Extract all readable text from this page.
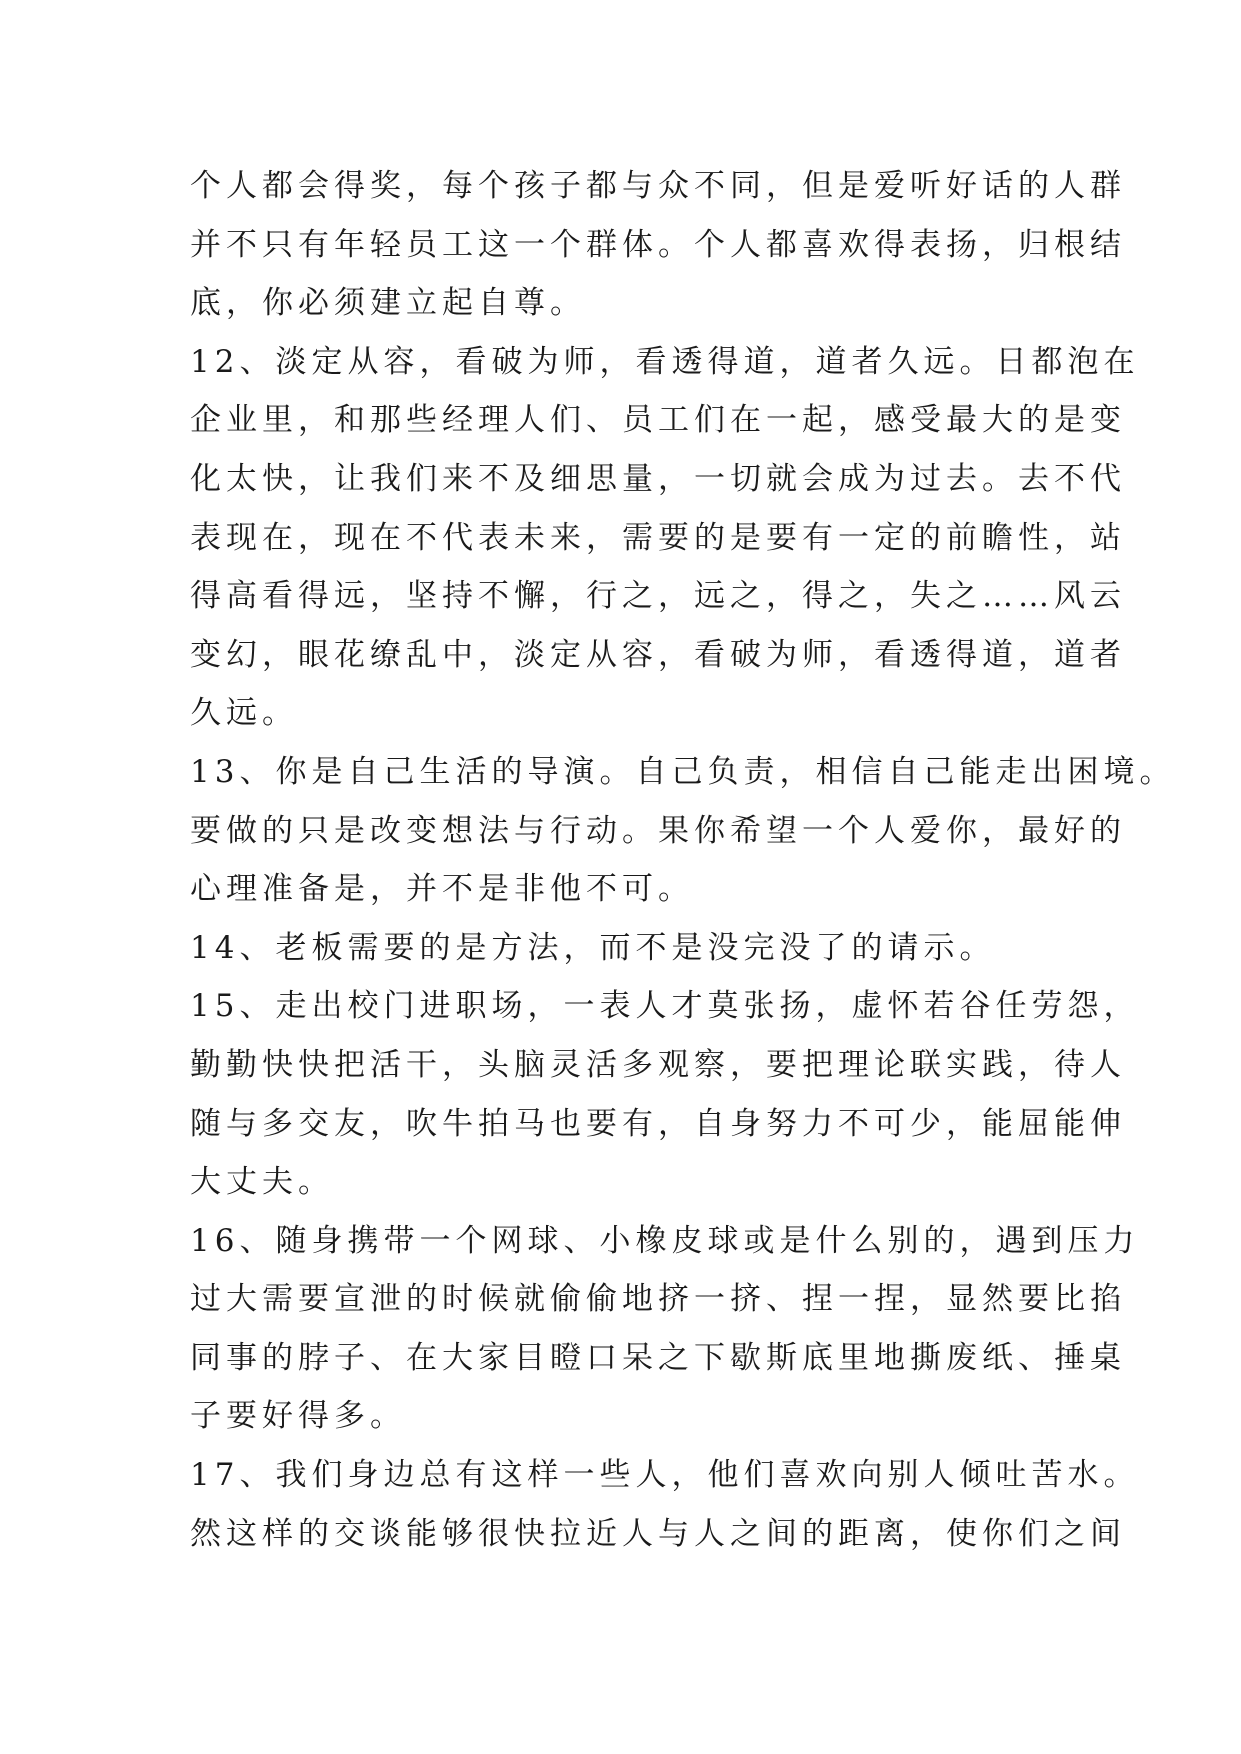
个人都会得奖，每个孩子都与众不同，但是爱听好话的人群
并不只有年轻员工这一个群体。个人都喜欢得表扬，归根结
底，你必须建立起自尊。
12、淡定从容，看破为师，看透得道，道者久远。日都泡在
企业里，和那些经理人们、员工们在一起，感受最大的是变
化太快，让我们来不及细思量，一切就会成为过去。去不代
表现在，现在不代表未来，需要的是要有一定的前瞻性，站
得高看得远，坚持不懈，行之，远之，得之，失之……风云
变幻，眼花缭乱中，淡定从容，看破为师，看透得道，道者
久远。
13、你是自己生活的导演。自己负责，相信自己能走出困境。
要做的只是改变想法与行动。果你希望一个人爱你，最好的
心理准备是，并不是非他不可。
14、老板需要的是方法，而不是没完没了的请示。
15、走出校门进职场，一表人才莫张扬，虚怀若谷任劳怨，
勤勤快快把活干，头脑灵活多观察，要把理论联实践，待人
随与多交友，吹牛拍马也要有，自身努力不可少，能屈能伸
大丈夫。
16、随身携带一个网球、小橡皮球或是什么别的，遇到压力
过大需要宣泄的时候就偷偷地挤一挤、捏一捏，显然要比掐
同事的脖子、在大家目瞪口呆之下歇斯底里地撕废纸、捶桌
子要好得多。
17、我们身边总有这样一些人，他们喜欢向别人倾吐苦水。
然这样的交谈能够很快拉近人与人之间的距离，使你们之间
